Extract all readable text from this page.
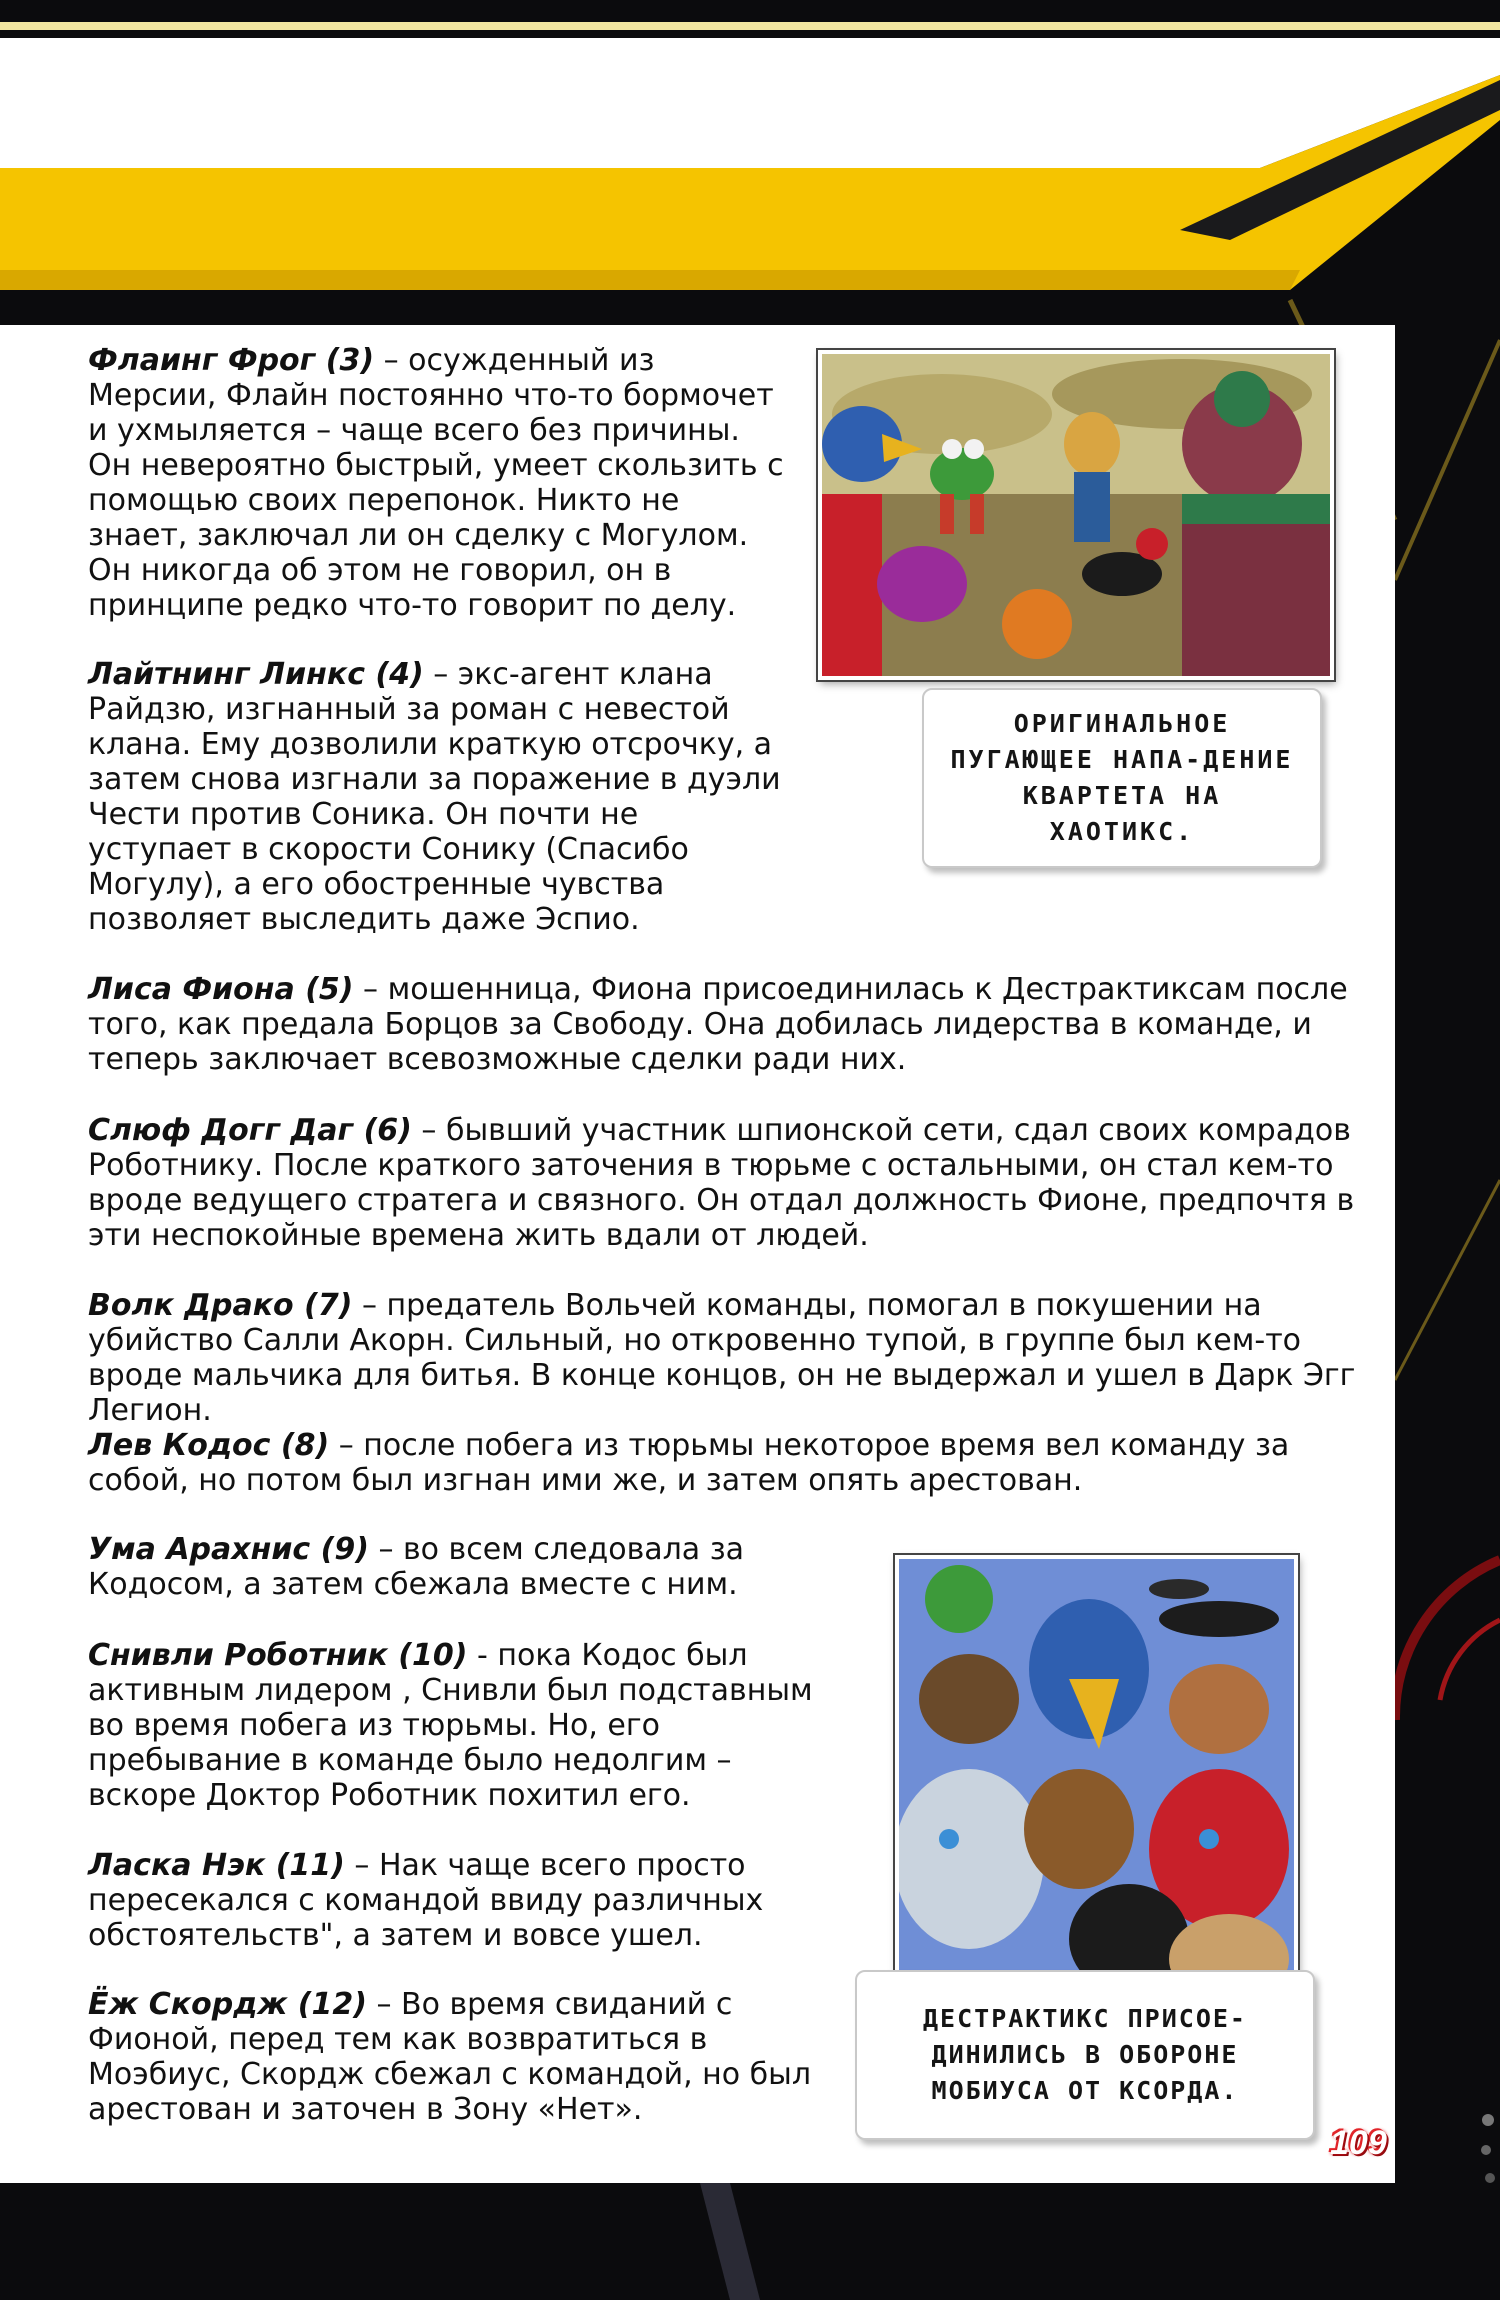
Флаинг Фрог (3) – осужденный из Мерсии, Флайн постоянно что-то бормочет и ухмыляется – чаще всего без причины. Он невероятно быстрый, умеет скользить с помощью своих перепонок. Никто не знает, заключал ли он сделку с Могулом. Он никогда об этом не говорил, он в принципе редко что-то говорит по делу.

Лайтнинг Линкс (4) – экс-агент клана Райдзю, изгнанный за роман с невестой клана. Ему дозволили краткую отсрочку, а затем снова изгнали за поражение в дуэли Чести против Соника. Он почти не уступает в скорости Сонику (Спасибо Могулу), а его обостренные чувства позволяет выследить даже Эспио.

Лиса Фиона (5) – мошенница, Фиона присоединилась к Деcтрактиксам после того, как предала Борцов за Свободу. Она добилась лидерства в команде, и теперь заключает всевозможные сделки ради них.

Слюф Догг Даг (6) – бывший участник шпионской сети, сдал своих комрадов Роботнику. После краткого заточения в тюрьме с остальными, он стал кем-то вроде ведущего стратега и связного. Он отдал должность Фионе, предпочтя в эти неспокойные времена жить вдали от людей.

Волк Драко (7) – предатель Вольчей команды, помогал в покушении на убийство Салли Акорн. Сильный, но откровенно тупой, в группе был кем-то вроде мальчика для битья. В конце концов, он не выдержал и ушел в Дарк Эгг Легион.

Лев Кодос (8) – после побега из тюрьмы некоторое время вел команду за собой, но потом был изгнан ими же, и затем опять арестован.

Ума Арахнис (9) – во всем следовала за Кодосом, а затем сбежала вместе с ним.

Снивли Роботник (10) - пока Кодос был активным лидером , Снивли был подставным во время побега из тюрьмы. Но, его пребывание в команде было недолгим – вскоре Доктор Роботник похитил его.

Ласка Нэк (11) – Нак чаще всего просто пересекался с командой ввиду различных обстоятельств", а затем и вовсе ушел.

Ёж Скордж (12) – Во время свиданий с Фионой, перед тем как возвратиться в Моэбиус, Скордж сбежал с командой, но был арестован и заточен в Зону «Нет».

ОРИГИНАЛЬНОЕ ПУГАЮЩЕЕ НАПА-ДЕНИЕ КВАРТЕТА НА ХАОТИКС.
ДЕСТРАКТИКС ПРИСОЕ-ДИНИЛИСЬ В ОБОРОНЕ МОБИУСА ОТ КСОРДА.
109
